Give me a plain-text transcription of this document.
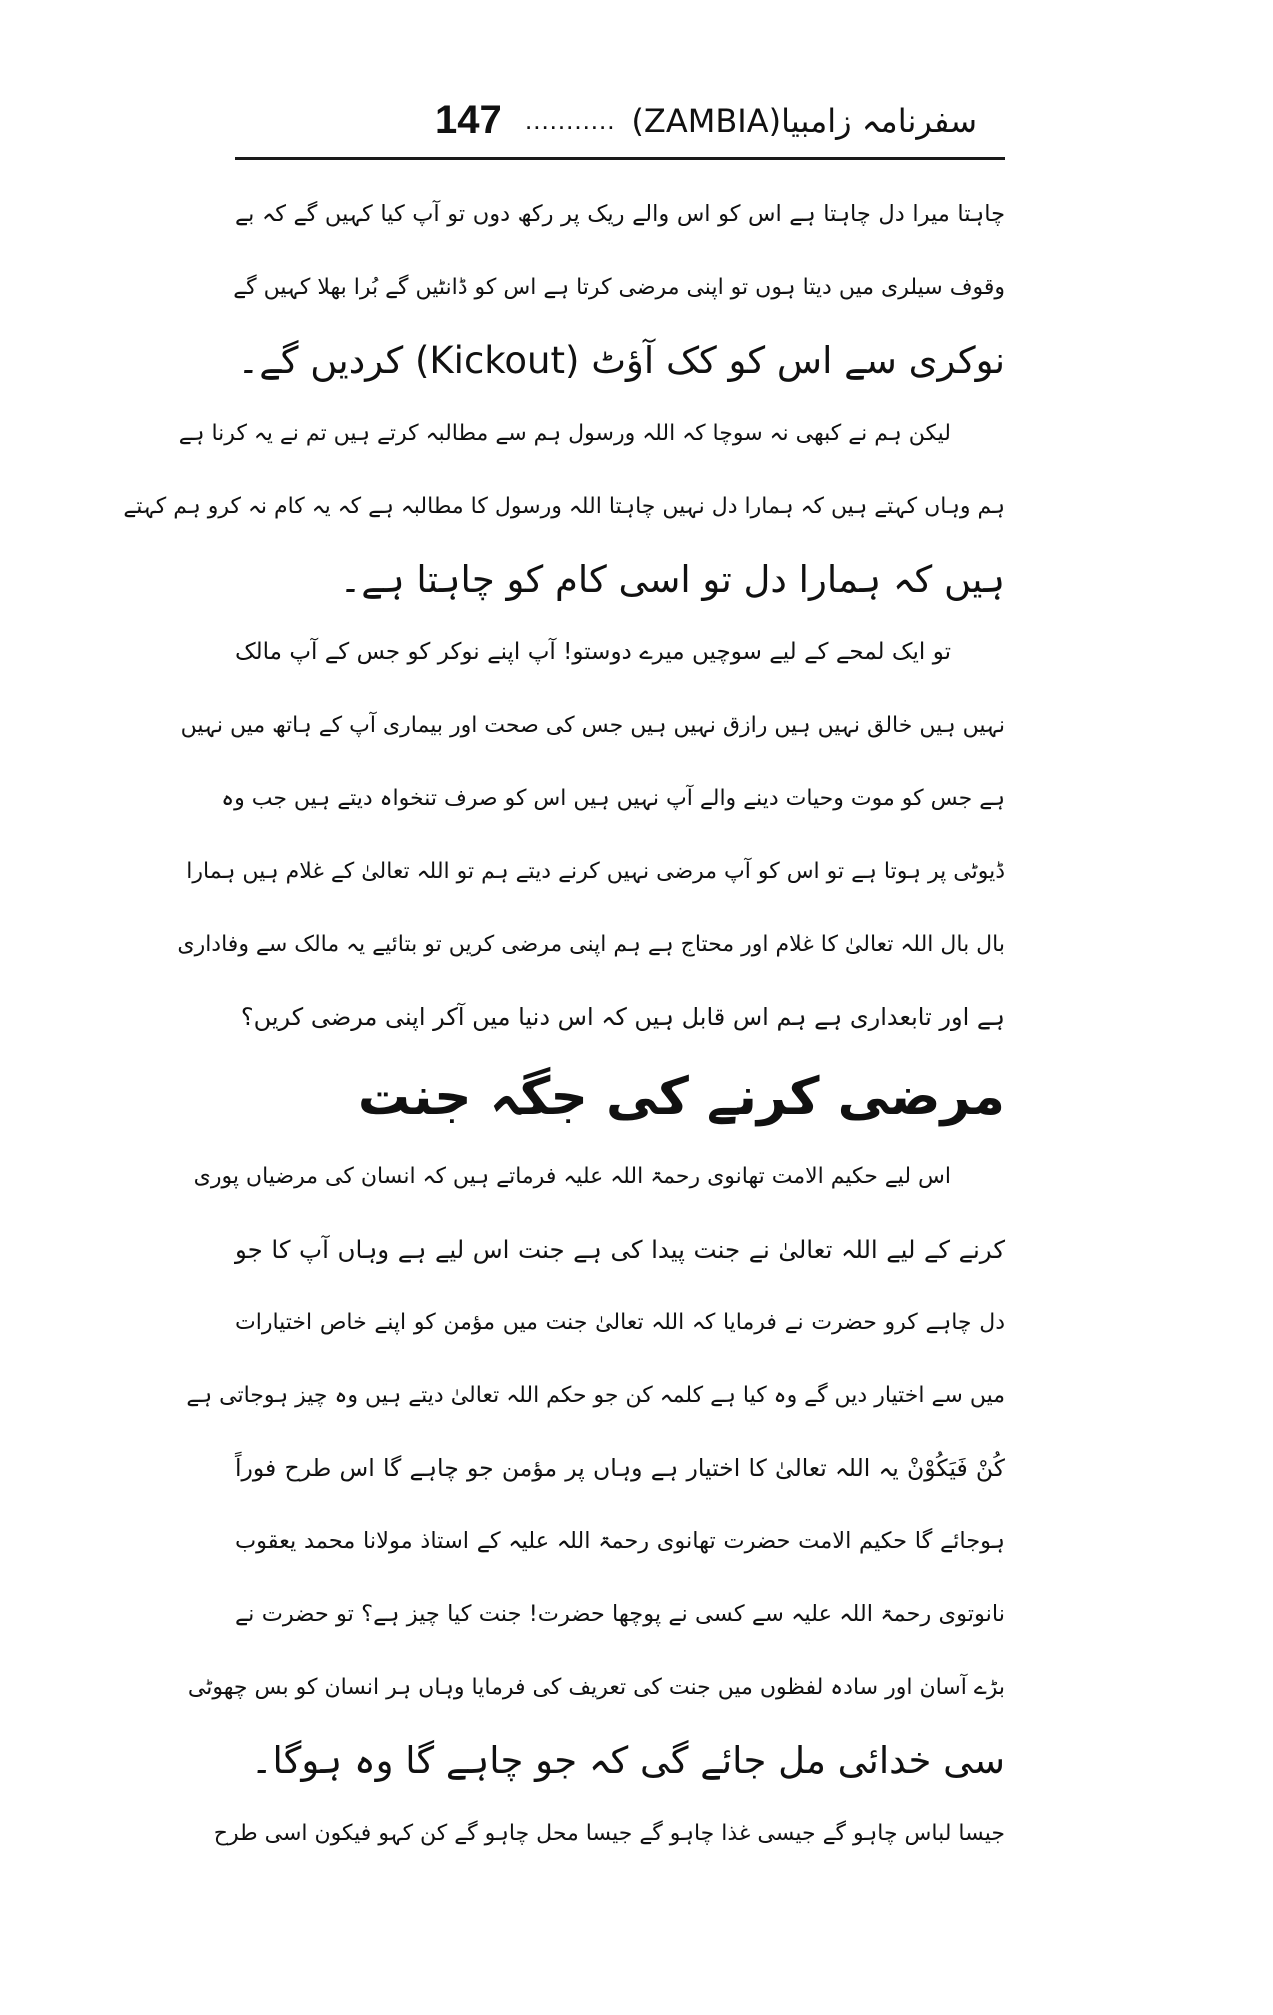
147 ........... سفرنامہ زامبیا(ZAMBIA)
چاہتا میرا دل چاہتا ہے اس کو اس والے ریک پر رکھ دوں تو آپ کیا کہیں گے کہ بے
وقوف سیلری میں دیتا ہوں تو اپنی مرضی کرتا ہے اس کو ڈانٹیں گے بُرا بھلا کہیں گے
نوکری سے اس کو کک آؤٹ (Kickout) کردیں گے۔
لیکن ہم نے کبھی نہ سوچا کہ اللہ ورسول ہم سے مطالبہ کرتے ہیں تم نے یہ کرنا ہے
ہم وہاں کہتے ہیں کہ ہمارا دل نہیں چاہتا اللہ ورسول کا مطالبہ ہے کہ یہ کام نہ کرو ہم کہتے
ہیں کہ ہمارا دل تو اسی کام کو چاہتا ہے۔
تو ایک لمحے کے لیے سوچیں میرے دوستو! آپ اپنے نوکر کو جس کے آپ مالک
نہیں ہیں خالق نہیں ہیں رازق نہیں ہیں جس کی صحت اور بیماری آپ کے ہاتھ میں نہیں
ہے جس کو موت وحیات دینے والے آپ نہیں ہیں اس کو صرف تنخواہ دیتے ہیں جب وہ
ڈیوٹی پر ہوتا ہے تو اس کو آپ مرضی نہیں کرنے دیتے ہم تو اللہ تعالیٰ کے غلام ہیں ہمارا
بال بال اللہ تعالیٰ کا غلام اور محتاج ہے ہم اپنی مرضی کریں تو بتائیے یہ مالک سے وفاداری
ہے اور تابعداری ہے ہم اس قابل ہیں کہ اس دنیا میں آکر اپنی مرضی کریں؟
مرضی کرنے کی جگہ جنت
اس لیے حکیم الامت تھانوی رحمۃ اللہ علیہ فرماتے ہیں کہ انسان کی مرضیاں پوری
کرنے کے لیے اللہ تعالیٰ نے جنت پیدا کی ہے جنت اس لیے ہے وہاں آپ کا جو
دل چاہے کرو حضرت نے فرمایا کہ اللہ تعالیٰ جنت میں مؤمن کو اپنے خاص اختیارات
میں سے اختیار دیں گے وہ کیا ہے کلمہ کن جو حکم اللہ تعالیٰ دیتے ہیں وہ چیز ہوجاتی ہے
کُنْ فَیَکُوْنْ یہ اللہ تعالیٰ کا اختیار ہے وہاں پر مؤمن جو چاہے گا اس طرح فوراً
ہوجائے گا حکیم الامت حضرت تھانوی رحمۃ اللہ علیہ کے استاذ مولانا محمد یعقوب
نانوتوی رحمۃ اللہ علیہ سے کسی نے پوچھا حضرت! جنت کیا چیز ہے؟ تو حضرت نے
بڑے آسان اور سادہ لفظوں میں جنت کی تعریف کی فرمایا وہاں ہر انسان کو بس چھوٹی
سی خدائی مل جائے گی کہ جو چاہے گا وہ ہوگا۔
جیسا لباس چاہو گے جیسی غذا چاہو گے جیسا محل چاہو گے کن کہو فیکون اسی طرح
